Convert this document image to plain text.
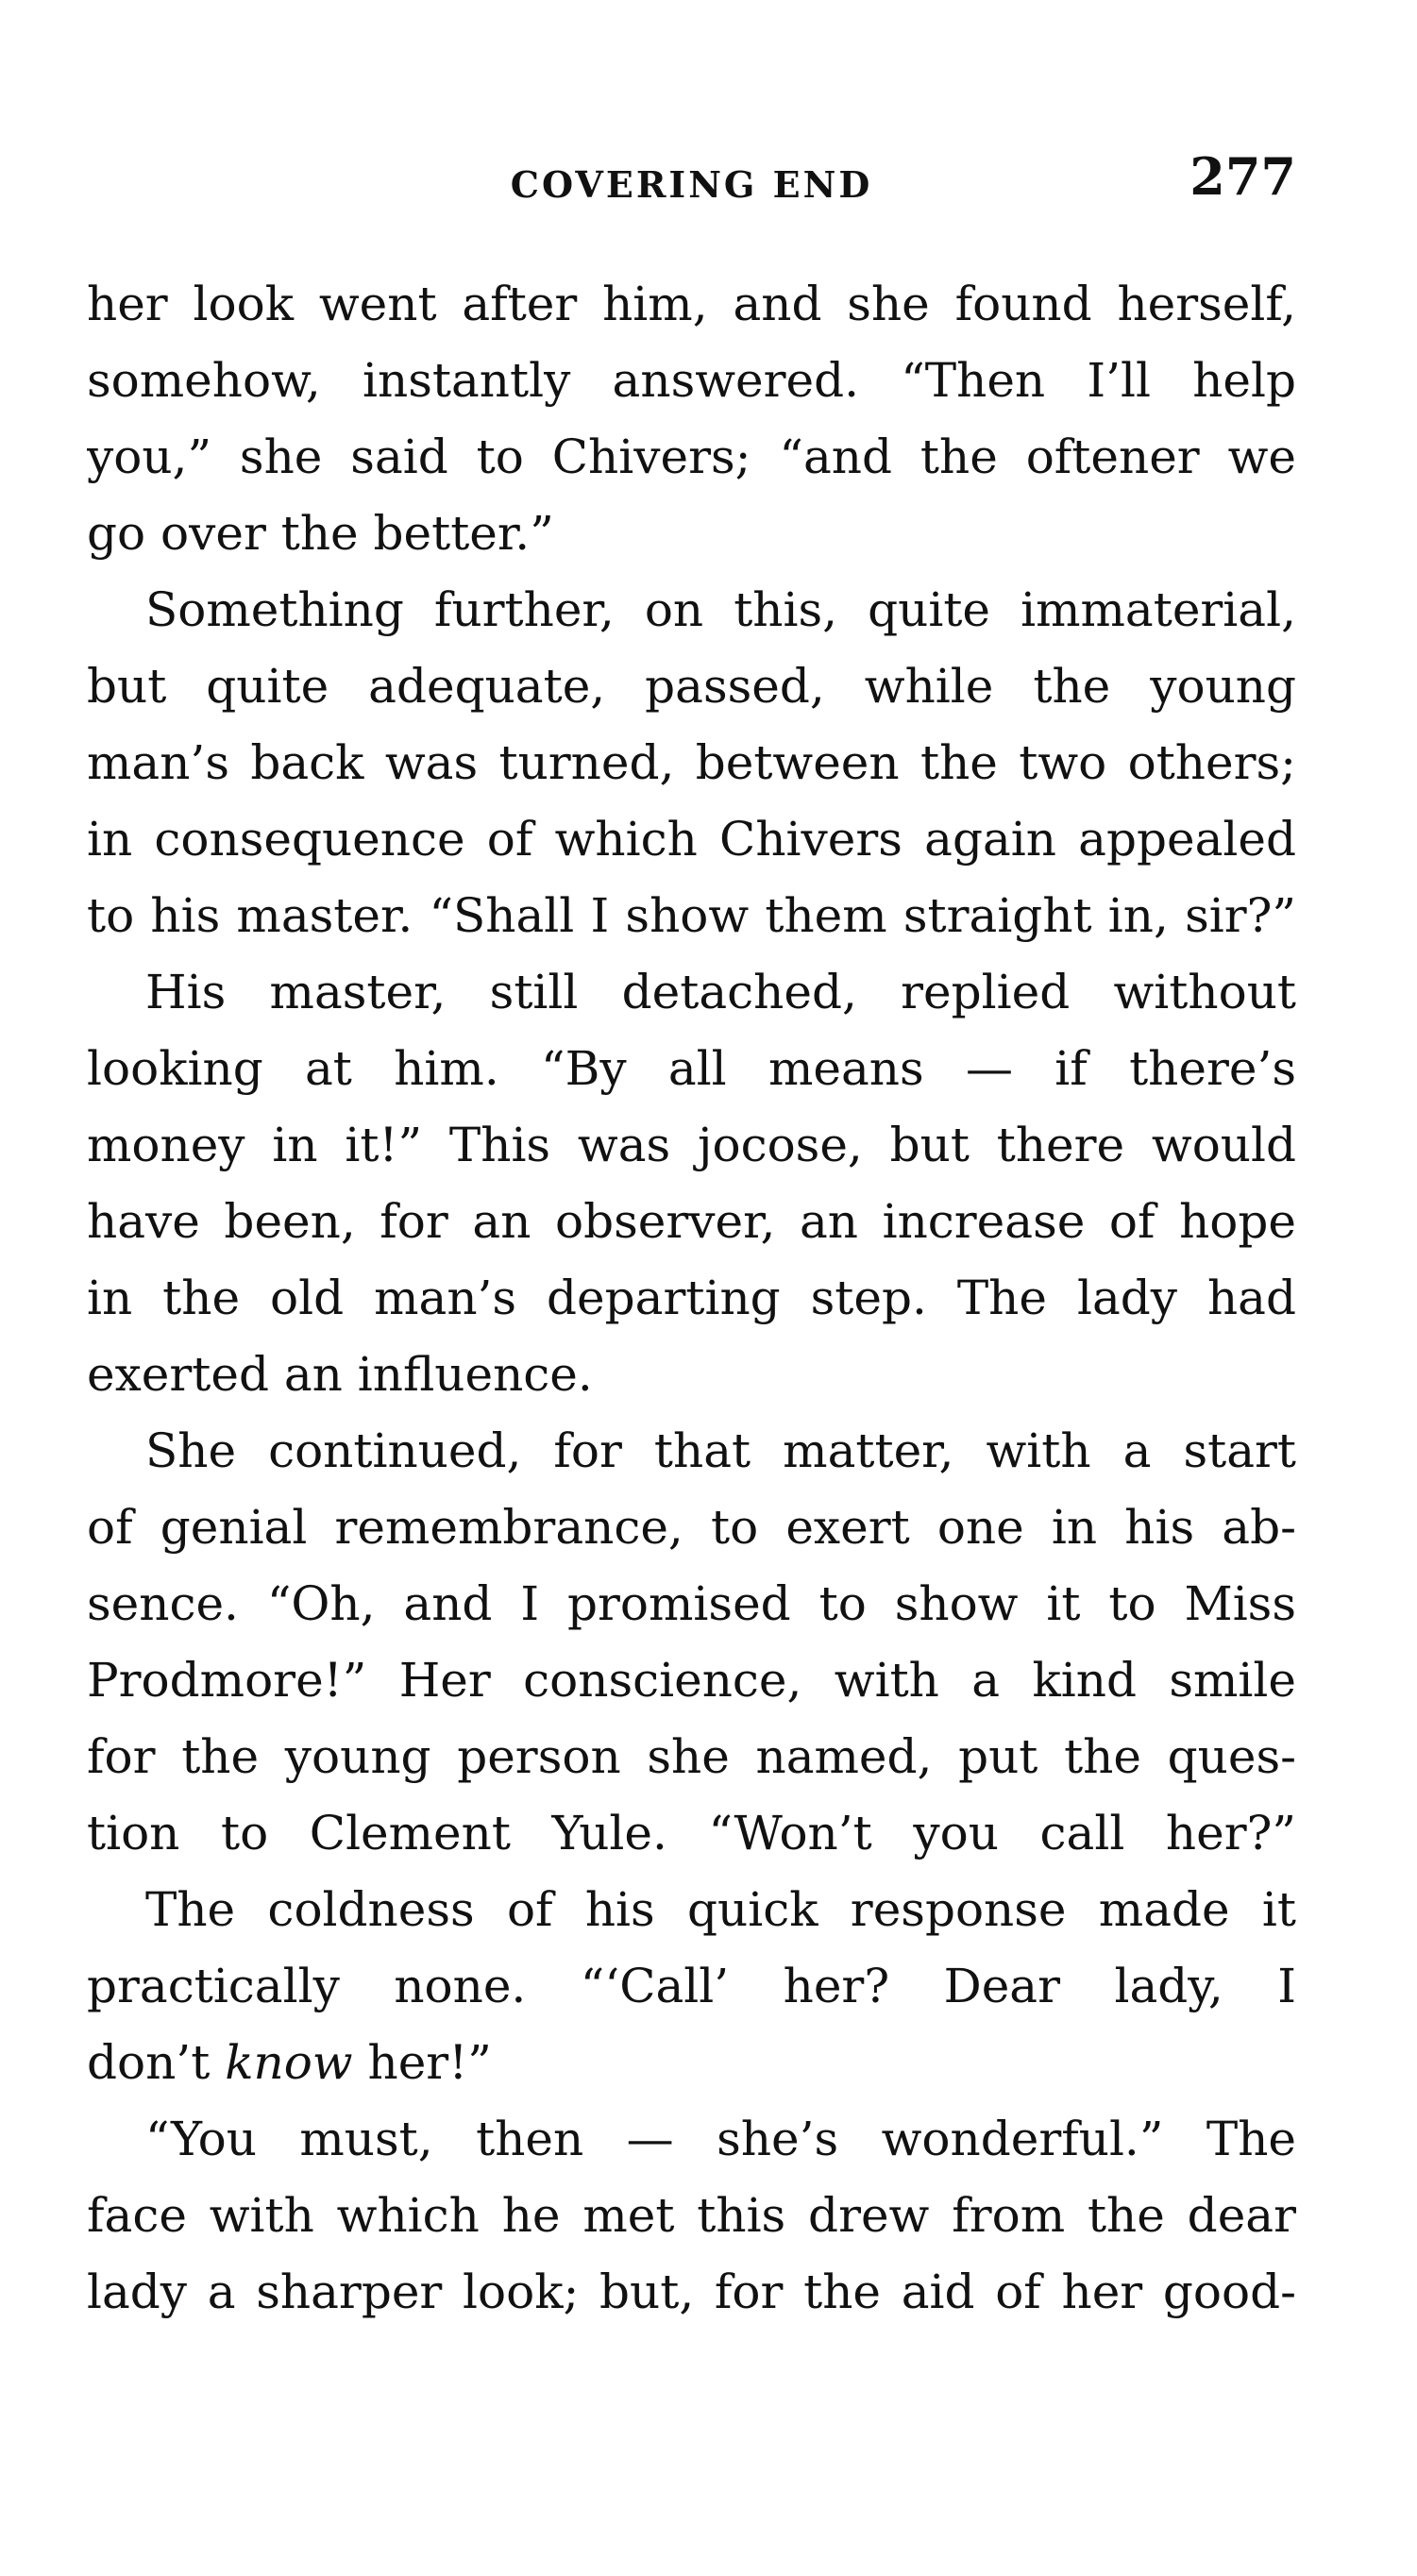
COVERING END	277
her look went after him, and she found herself,
somehow, instantly answered. “Then I’ll help
you,” she said to Chivers; “and the oftener we
go over the better.”
Something further, on this, quite immaterial,
but quite adequate, passed, while the young
man’s back was turned, between the two others;
in consequence of which Chivers again appealed
to his master. “Shall I show them straight in, sir?”
His master, still detached, replied without
looking at him. “By all means — if there’s
money in it!” This was jocose, but there would
have been, for an observer, an increase of hope
in the old man’s departing step. The lady had
exerted an influence.
She continued, for that matter, with a start
of genial remembrance, to exert one in his ab-
sence. “Oh, and I promised to show it to Miss
Prodmore!” Her conscience, with a kind smile
for the young person she named, put the ques-
tion to Clement Yule. “Won’t you call her?”
The coldness of his quick response made it
practically none. “‘Call’ her? Dear lady, I
don’t know her!”
“You must, then — she’s wonderful.” The
face with which he met this drew from the dear
lady a sharper look; but, for the aid of her good-
